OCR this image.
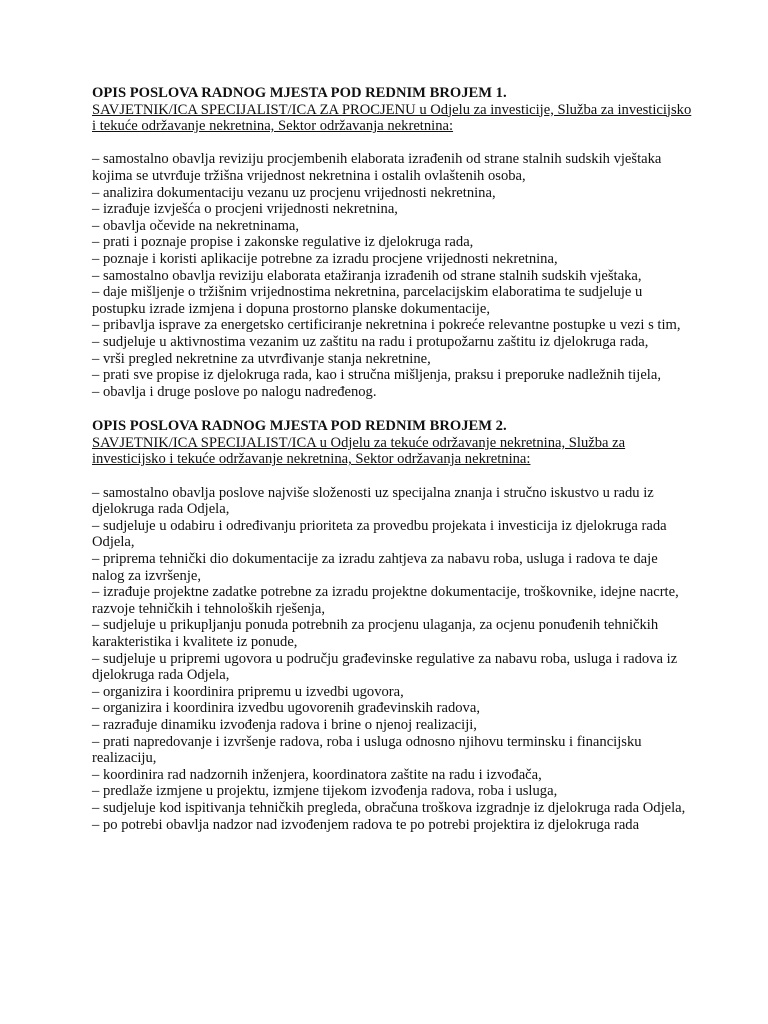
OPIS POSLOVA RADNOG MJESTA POD REDNIM BROJEM 1.

SAVJETNIK/ICA SPECIJALIST/ICA ZA PROCJENU u Odjelu za investicije, Služba za investicijsko i tekuće održavanje nekretnina, Sektor održavanja nekretnina:

– samostalno obavlja reviziju procjembenih elaborata izrađenih od strane stalnih sudskih vještaka kojima se utvrđuje tržišna vrijednost nekretnina i ostalih ovlaštenih osoba,

– analizira dokumentaciju vezanu uz procjenu vrijednosti nekretnina,

– izrađuje izvješća o procjeni vrijednosti nekretnina,

– obavlja očevide na nekretninama,

– prati i poznaje propise i zakonske regulative iz djelokruga rada,

– poznaje i koristi aplikacije potrebne za izradu procjene vrijednosti nekretnina,

– samostalno obavlja reviziju elaborata etažiranja izrađenih od strane stalnih sudskih vještaka,

– daje mišljenje o tržišnim vrijednostima nekretnina, parcelacijskim elaboratima te sudjeluje u postupku izrade izmjena i dopuna prostorno planske dokumentacije,

– pribavlja isprave za energetsko certificiranje nekretnina i pokreće relevantne postupke u vezi s tim,

– sudjeluje u aktivnostima vezanim uz zaštitu na radu i protupožarnu zaštitu iz djelokruga rada,

– vrši pregled nekretnine za utvrđivanje stanja nekretnine,

– prati sve propise iz djelokruga rada, kao i stručna mišljenja, praksu i preporuke nadležnih tijela,

– obavlja i druge poslove po nalogu nadređenog.

OPIS POSLOVA RADNOG MJESTA POD REDNIM BROJEM 2.

SAVJETNIK/ICA SPECIJALIST/ICA u Odjelu za tekuće održavanje nekretnina, Služba za investicijsko i tekuće održavanje nekretnina, Sektor održavanja nekretnina:

– samostalno obavlja poslove najviše složenosti uz specijalna znanja i stručno iskustvo u radu iz djelokruga rada Odjela,

– sudjeluje u odabiru i određivanju prioriteta za provedbu projekata i investicija iz djelokruga rada Odjela,

– priprema tehnički dio dokumentacije za izradu zahtjeva za nabavu roba, usluga i radova te daje nalog za izvršenje,

– izrađuje projektne zadatke potrebne za izradu projektne dokumentacije, troškovnike, idejne nacrte, razvoje tehničkih i tehnoloških rješenja,

– sudjeluje u prikupljanju ponuda potrebnih za procjenu ulaganja, za ocjenu ponuđenih tehničkih karakteristika i kvalitete iz ponude,

– sudjeluje u pripremi ugovora u području građevinske regulative za nabavu roba, usluga i radova iz djelokruga rada Odjela,

– organizira i koordinira pripremu u izvedbi ugovora,

– organizira i koordinira izvedbu ugovorenih građevinskih radova,

– razrađuje dinamiku izvođenja radova i brine o njenoj realizaciji,

– prati napredovanje i izvršenje radova, roba i usluga odnosno njihovu terminsku i financijsku realizaciju,

– koordinira rad nadzornih inženjera, koordinatora zaštite na radu i izvođača,

– predlaže izmjene u projektu, izmjene tijekom izvođenja radova, roba i usluga,

– sudjeluje kod ispitivanja tehničkih pregleda, obračuna troškova izgradnje iz djelokruga rada Odjela,

– po potrebi obavlja nadzor nad izvođenjem radova te po potrebi projektira iz djelokruga rada
